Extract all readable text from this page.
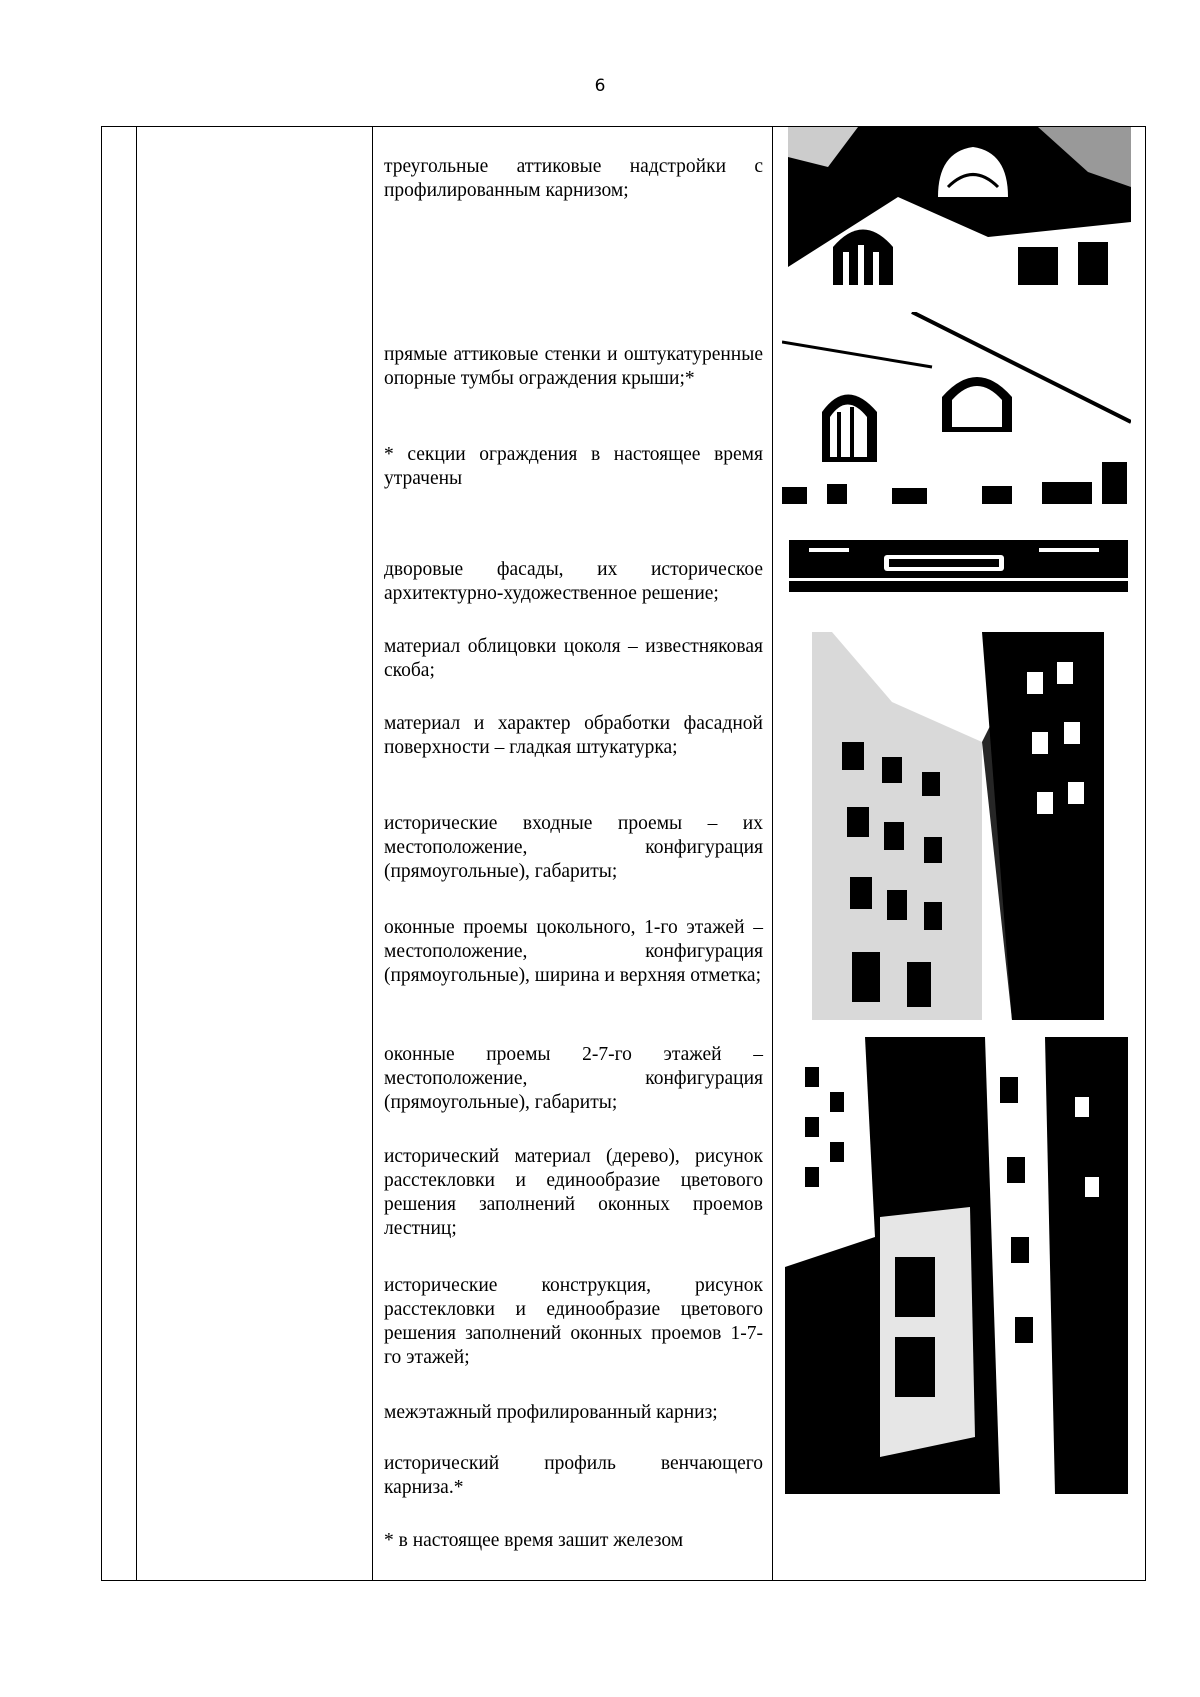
6

треугольные аттиковые надстройки с профилированным карнизом;

прямые аттиковые стенки и оштукатуренные опорные тумбы ограждения крыши;*

* секции ограждения в настоящее время утрачены

дворовые фасады, их историческое архитектурно-художественное решение;

материал облицовки цоколя – известняковая скоба;

материал и характер обработки фасадной поверхности – гладкая штукатурка;

исторические входные проемы – их местоположение, конфигурация (прямоугольные), габариты;

оконные проемы цокольного, 1-го этажей – местоположение, конфигурация (прямоугольные), ширина и верхняя отметка;

оконные проемы 2-7-го этажей – местоположение, конфигурация (прямоугольные), габариты;

исторический материал (дерево), рисунок расстекловки и единообразие цветового решения заполнений оконных проемов лестниц;

исторические конструкция, рисунок расстекловки и единообразие цветового решения заполнений оконных проемов 1-7-го этажей;

межэтажный профилированный карниз;

исторический профиль венчающего карниза.*

* в настоящее время зашит железом
